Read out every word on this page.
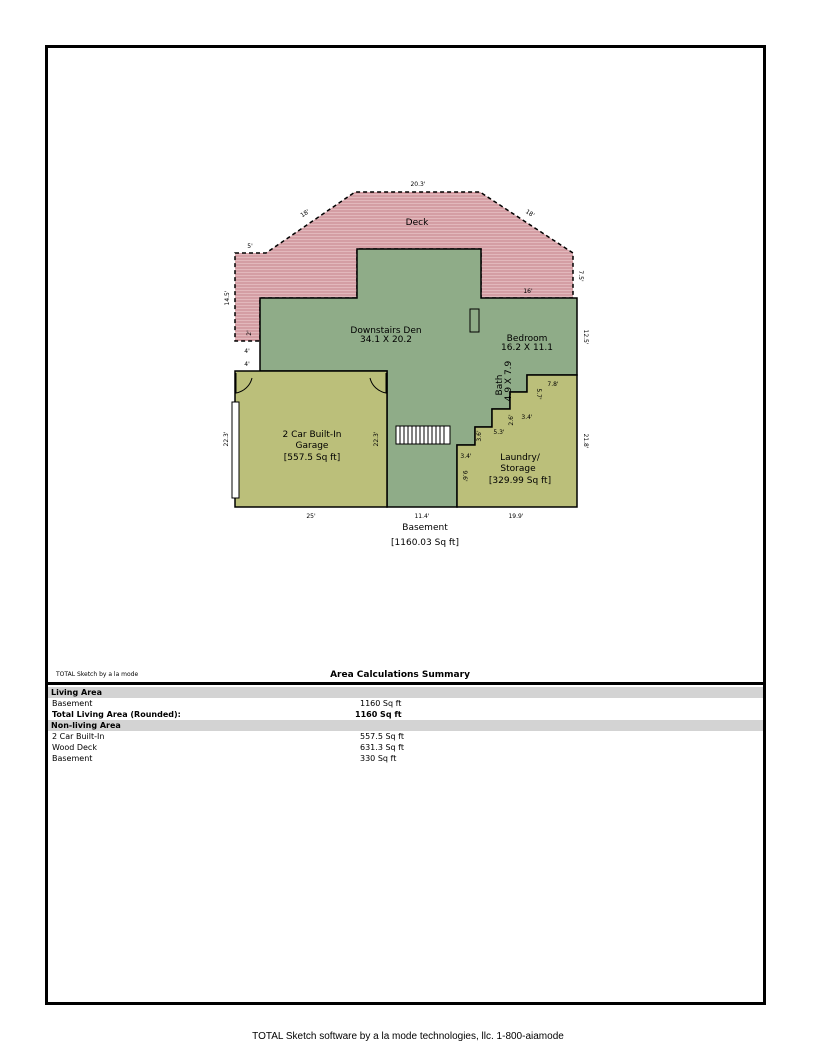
Deck
Downstairs Den
34.1 X 20.2	Bedroom
16.2 X 11.1
Bath 4.9 X 7.9
2 Car Built-In
Garage
[557.5 Sq ft]	Laundry/
Storage
[329.99 Sq ft]
Basement
[1160.03 Sq ft]
20.3'
18'	18'
5'
14.5'
7.5'
16'
2'
4'
4'
12.5'
22.3'	22.3'
25'	11.4'	19.9'
21.8'
7.8'
5.7'
3.4'
2.6'
5.3'
3.6'
3.4'
9.6'
TOTAL Sketch by a la mode	Area Calculations Summary
Living Area
Basement	1160 Sq ft
Total Living Area (Rounded):	1160 Sq ft
Non-living Area
2 Car Built-In	557.5 Sq ft
Wood Deck	631.3 Sq ft
Basement	330 Sq ft
TOTAL Sketch software by a la mode technologies, llc. 1-800-aiamode
